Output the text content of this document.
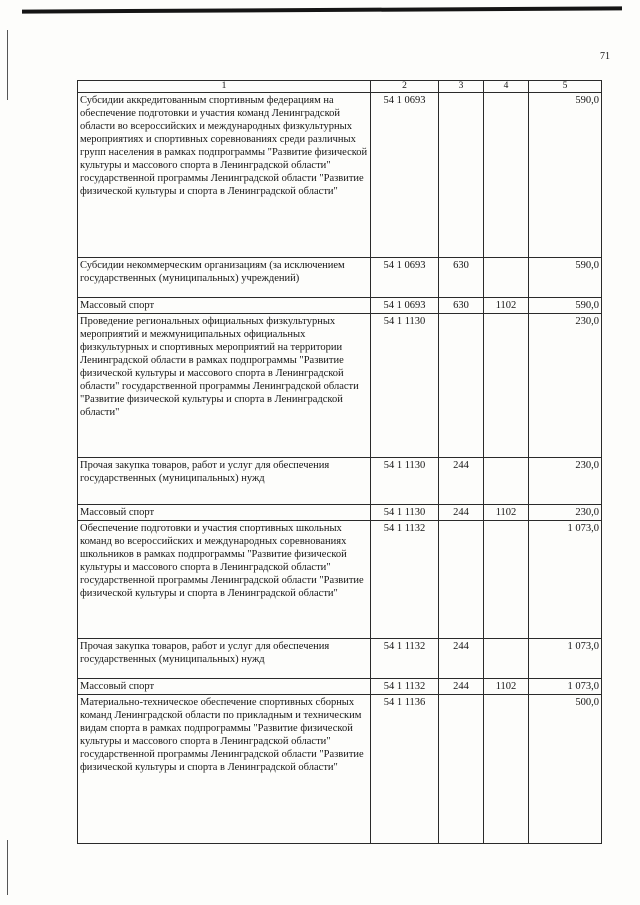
71
1	2	3	4	5
Субсидии аккредитованным спортивным федерациям на обеспечение подготовки и участия команд Ленинградской области во всероссийских и международных физкультурных мероприятиях и спортивных соревнованиях среди различных групп населения в рамках подпрограммы "Развитие физической культуры и массового спорта в Ленинградской области" государственной программы Ленинградской области "Развитие физической культуры и спорта в Ленинградской области"	54 1 0693			590,0
Субсидии некоммерческим организациям (за исключением государственных (муниципальных) учреждений)	54 1 0693	630		590,0
Массовый спорт	54 1 0693	630	1102	590,0
Проведение региональных официальных физкультурных мероприятий и межмуниципальных официальных физкультурных и спортивных мероприятий на территории Ленинградской области в рамках подпрограммы "Развитие физической культуры и массового спорта в Ленинградской области" государственной программы Ленинградской области "Развитие физической культуры и спорта в Ленинградской области"	54 1 1130			230,0
Прочая закупка товаров, работ и услуг для обеспечения государственных (муниципальных) нужд	54 1 1130	244		230,0
Массовый спорт	54 1 1130	244	1102	230,0
Обеспечение подготовки и участия спортивных школьных команд во всероссийских и международных соревнованиях школьников в рамках подпрограммы "Развитие физической культуры и массового спорта в Ленинградской области" государственной программы Ленинградской области "Развитие физической культуры и спорта в Ленинградской области"	54 1 1132			1 073,0
Прочая закупка товаров, работ и услуг для обеспечения государственных (муниципальных) нужд	54 1 1132	244		1 073,0
Массовый спорт	54 1 1132	244	1102	1 073,0
Материально-техническое обеспечение спортивных сборных команд Ленинградской области по прикладным и техническим видам спорта в рамках подпрограммы "Развитие физической культуры и массового спорта в Ленинградской области" государственной программы Ленинградской области "Развитие физической культуры и спорта в Ленинградской области"	54 1 1136			500,0
